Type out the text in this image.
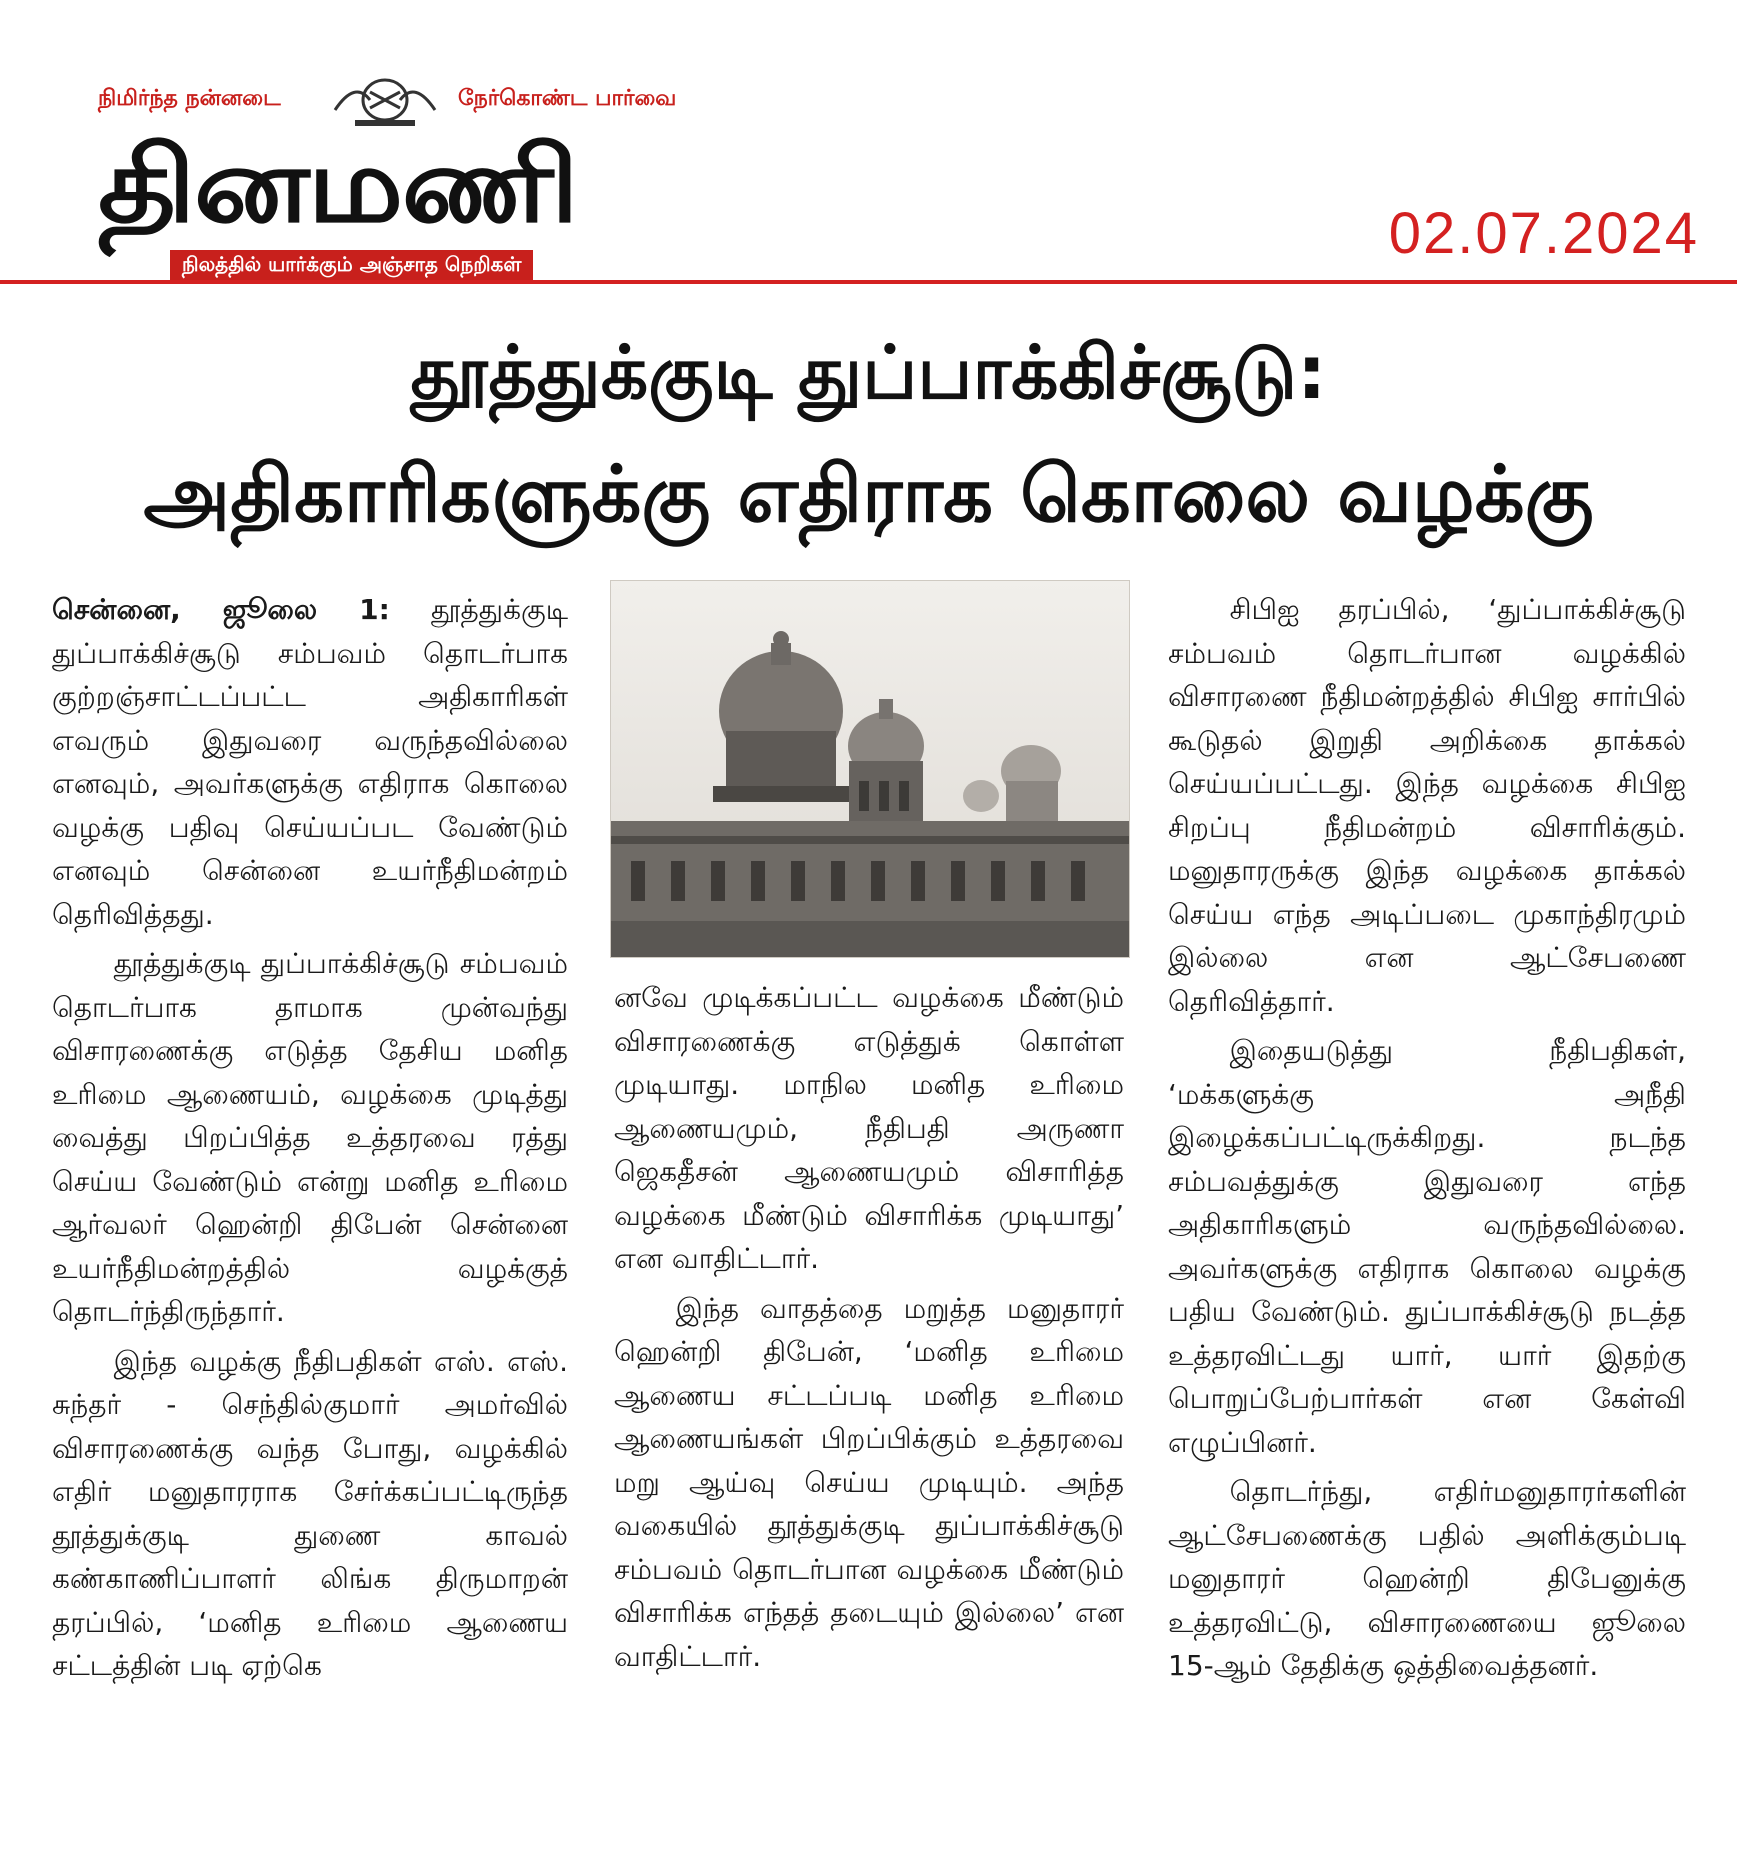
நிமிர்ந்த நன்னடை	நேர்கொண்ட பார்வை
தினமணி
நிலத்தில் யார்க்கும் அஞ்சாத நெறிகள்	02.07.2024
தூத்துக்குடி துப்பாக்கிச்சூடு:
அதிகாரிகளுக்கு எதிராக கொலை வழக்கு

சென்னை, ஜூலை 1: தூத்துக்குடி துப்பாக்கிச்சூடு சம்பவம் தொடர்பாக குற்றஞ்சாட்டப்பட்ட அதிகாரிகள் எவரும் இதுவரை வருந்தவில்லை எனவும், அவர்களுக்கு எதிராக கொலை வழக்கு பதிவு செய்யப்பட வேண்டும் எனவும் சென்னை உயர்நீதிமன்றம் தெரிவித்தது.

தூத்துக்குடி துப்பாக்கிச்சூடு சம்பவம் தொடர்பாக தாமாக முன்வந்து விசாரணைக்கு எடுத்த தேசிய மனித உரிமை ஆணையம், வழக்கை முடித்து வைத்து பிறப்பித்த உத்தரவை ரத்து செய்ய வேண்டும் என்று மனித உரிமை ஆர்வலர் ஹென்றி திபேன் சென்னை உயர்நீதிமன்றத்தில் வழக்குத் தொடர்ந்திருந்தார்.

இந்த வழக்கு நீதிபதிகள் எஸ். எஸ். சுந்தர் - செந்தில்குமார் அமர்வில் விசாரணைக்கு வந்த போது, வழக்கில் எதிர் மனுதாரராக சேர்க்கப்பட்டிருந்த தூத்துக்குடி துணை காவல் கண்காணிப்பாளர் லிங்க திருமாறன் தரப்பில், ‘மனித உரிமை ஆணைய சட்டத்தின் படி ஏற்கெ

னவே முடிக்கப்பட்ட வழக்கை மீண்டும் விசாரணைக்கு எடுத்துக் கொள்ள முடியாது. மாநில மனித உரிமை ஆணையமும், நீதிபதி அருணா ஜெகதீசன் ஆணையமும் விசாரித்த வழக்கை மீண்டும் விசாரிக்க முடியாது’ என வாதிட்டார்.

இந்த வாதத்தை மறுத்த மனுதாரர் ஹென்றி திபேன், ‘மனித உரிமை ஆணைய சட்டப்படி மனித உரிமை ஆணையங்கள் பிறப்பிக்கும் உத்தரவை மறு ஆய்வு செய்ய முடியும். அந்த வகையில் தூத்துக்குடி துப்பாக்கிச்சூடு சம்பவம் தொடர்பான வழக்கை மீண்டும் விசாரிக்க எந்தத் தடையும் இல்லை’ என வாதிட்டார்.

சிபிஐ தரப்பில், ‘துப்பாக்கிச்சூடு சம்பவம் தொடர்பான வழக்கில் விசாரணை நீதிமன்றத்தில் சிபிஐ சார்பில் கூடுதல் இறுதி அறிக்கை தாக்கல் செய்யப்பட்டது. இந்த வழக்கை சிபிஐ சிறப்பு நீதிமன்றம் விசாரிக்கும். மனுதாரருக்கு இந்த வழக்கை தாக்கல் செய்ய எந்த அடிப்படை முகாந்திரமும் இல்லை என ஆட்சேபணை தெரிவித்தார்.

இதையடுத்து நீதிபதிகள், ‘மக்களுக்கு அநீதி இழைக்கப்பட்டிருக்கிறது. நடந்த சம்பவத்துக்கு இதுவரை எந்த அதிகாரிகளும் வருந்தவில்லை. அவர்களுக்கு எதிராக கொலை வழக்கு பதிய வேண்டும். துப்பாக்கிச்சூடு நடத்த உத்தரவிட்டது யார், யார் இதற்கு பொறுப்பேற்பார்கள் என கேள்வி எழுப்பினர்.

தொடர்ந்து, எதிர்மனுதாரர்களின் ஆட்சேபணைக்கு பதில் அளிக்கும்படி மனுதாரர் ஹென்றி திபேனுக்கு உத்தரவிட்டு, விசாரணையை ஜூலை 15-ஆம் தேதிக்கு ஒத்திவைத்தனர்.
